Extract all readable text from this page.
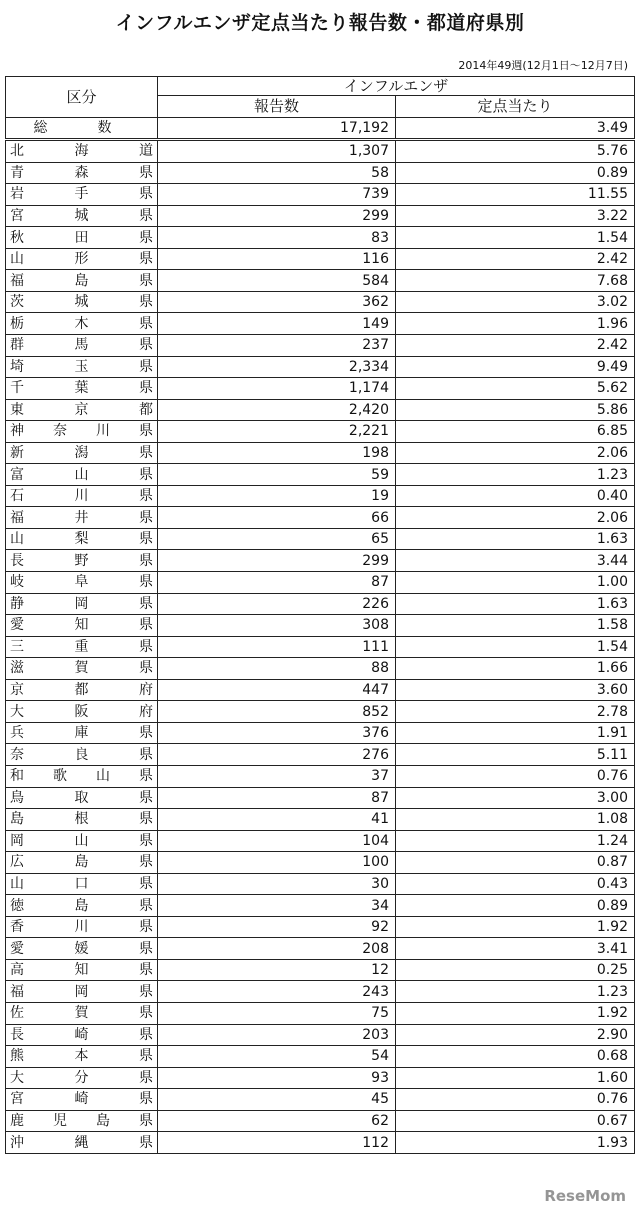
インフルエンザ定点当たり報告数・都道府県別
2014年49週(12月1日～12月7日)
区分	インフルエンザ	
	報告数	定点当たり
総　数	17,192	3.49

北 海 道	1,307	5.76

青 森 県	58	0.89

岩 手 県	739	11.55

宮 城 県	299	3.22

秋 田 県	83	1.54

山 形 県	116	2.42

福 島 県	584	7.68

茨 城 県	362	3.02

栃 木 県	149	1.96

群 馬 県	237	2.42

埼 玉 県	2,334	9.49

千 葉 県	1,174	5.62

東 京 都	2,420	5.86

神 奈 川 県	2,221	6.85

新 潟 県	198	2.06

富 山 県	59	1.23

石 川 県	19	0.40

福 井 県	66	2.06

山 梨 県	65	1.63

長 野 県	299	3.44

岐 阜 県	87	1.00

静 岡 県	226	1.63

愛 知 県	308	1.58

三 重 県	111	1.54

滋 賀 県	88	1.66

京 都 府	447	3.60

大 阪 府	852	2.78

兵 庫 県	376	1.91

奈 良 県	276	5.11

和 歌 山 県	37	0.76

鳥 取 県	87	3.00

島 根 県	41	1.08

岡 山 県	104	1.24

広 島 県	100	0.87

山 口 県	30	0.43

徳 島 県	34	0.89

香 川 県	92	1.92

愛 媛 県	208	3.41

高 知 県	12	0.25

福 岡 県	243	1.23

佐 賀 県	75	1.92

長 崎 県	203	2.90

熊 本 県	54	0.68

大 分 県	93	1.60

宮 崎 県	45	0.76

鹿 児 島 県	62	0.67

沖 縄 県	112	1.93
ReseMom
